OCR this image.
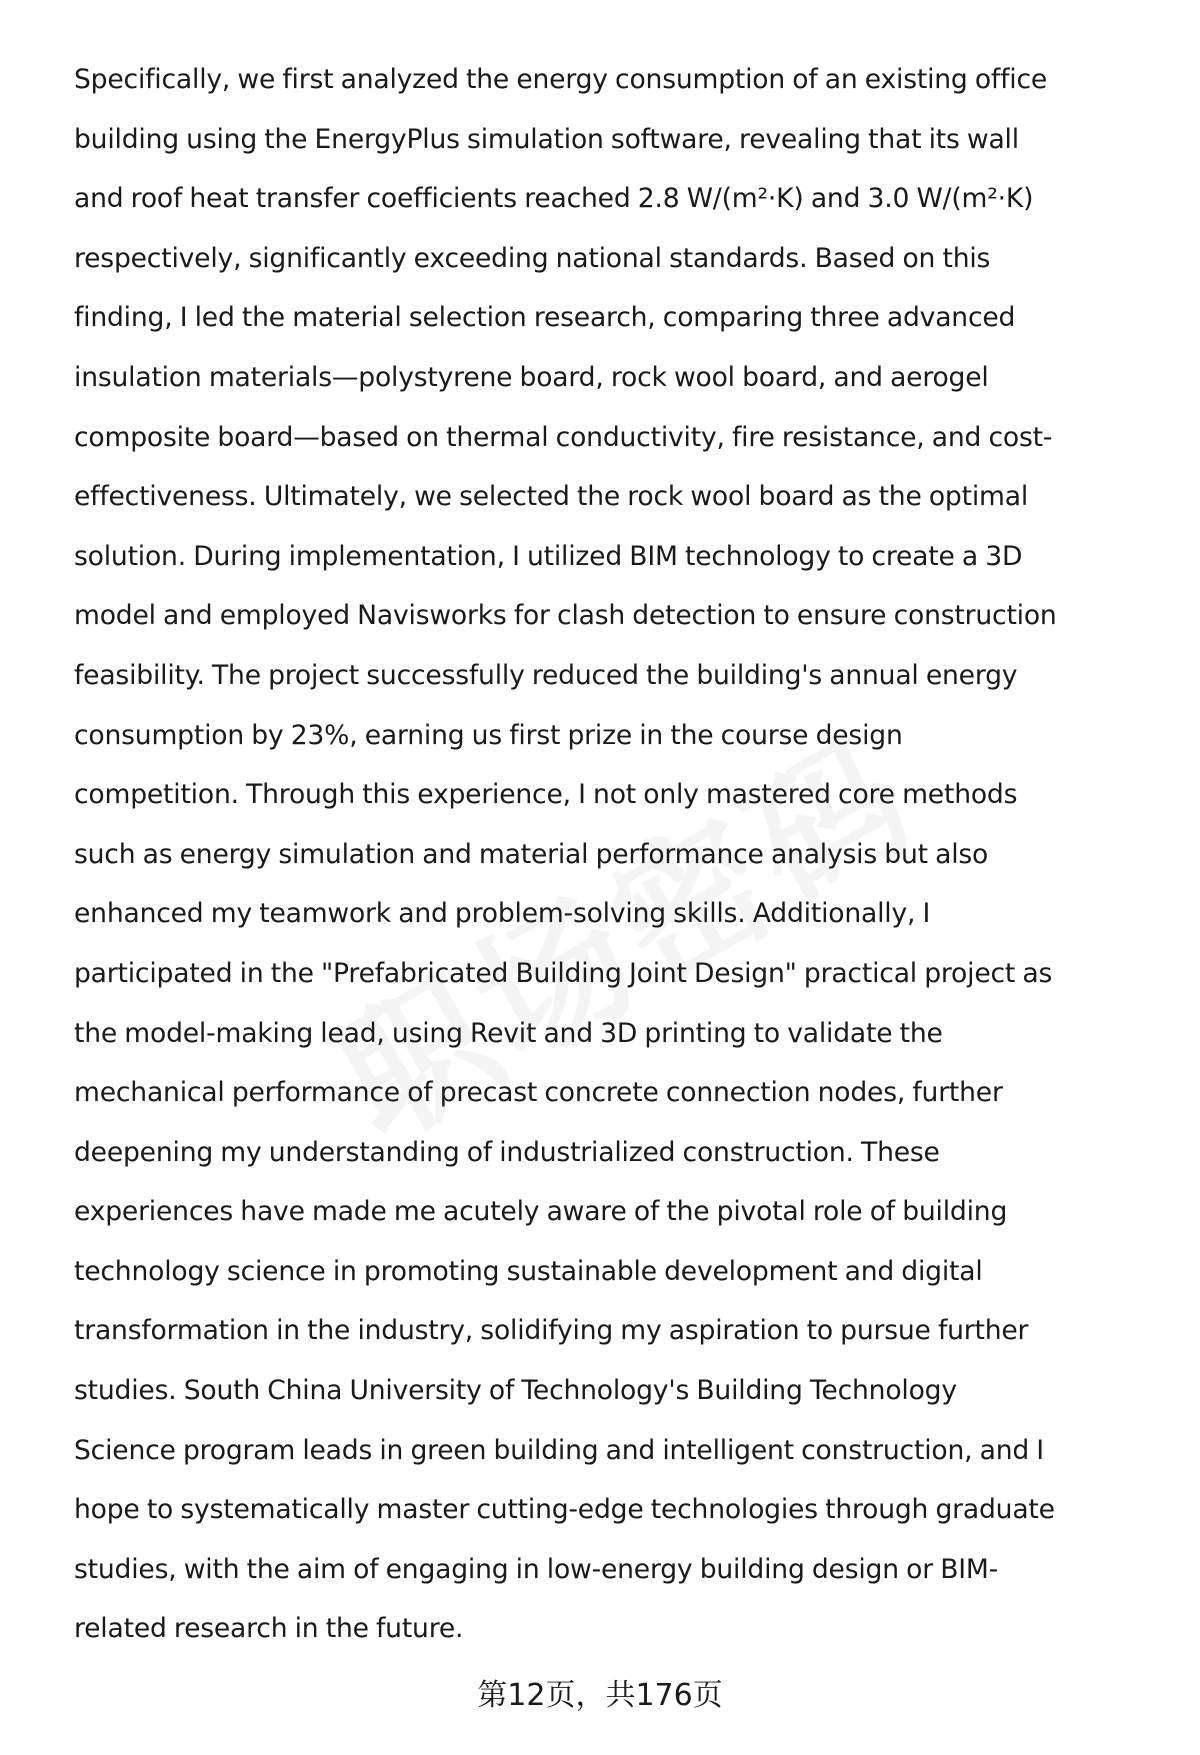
Specifically, we first analyzed the energy consumption of an existing office
building using the EnergyPlus simulation software, revealing that its wall
and roof heat transfer coefficients reached 2.8 W/(m²·K) and 3.0 W/(m²·K)
respectively, significantly exceeding national standards. Based on this
finding, I led the material selection research, comparing three advanced
insulation materials—polystyrene board, rock wool board, and aerogel
composite board—based on thermal conductivity, fire resistance, and cost-
effectiveness. Ultimately, we selected the rock wool board as the optimal
solution. During implementation, I utilized BIM technology to create a 3D
model and employed Navisworks for clash detection to ensure construction
feasibility. The project successfully reduced the building's annual energy
consumption by 23%, earning us first prize in the course design
competition. Through this experience, I not only mastered core methods
such as energy simulation and material performance analysis but also
enhanced my teamwork and problem-solving skills. Additionally, I
participated in the "Prefabricated Building Joint Design" practical project as
the model-making lead, using Revit and 3D printing to validate the
mechanical performance of precast concrete connection nodes, further
deepening my understanding of industrialized construction. These
experiences have made me acutely aware of the pivotal role of building
technology science in promoting sustainable development and digital
transformation in the industry, solidifying my aspiration to pursue further
studies. South China University of Technology's Building Technology
Science program leads in green building and intelligent construction, and I
hope to systematically master cutting-edge technologies through graduate
studies, with the aim of engaging in low-energy building design or BIM-
related research in the future.

第12页，共176页
